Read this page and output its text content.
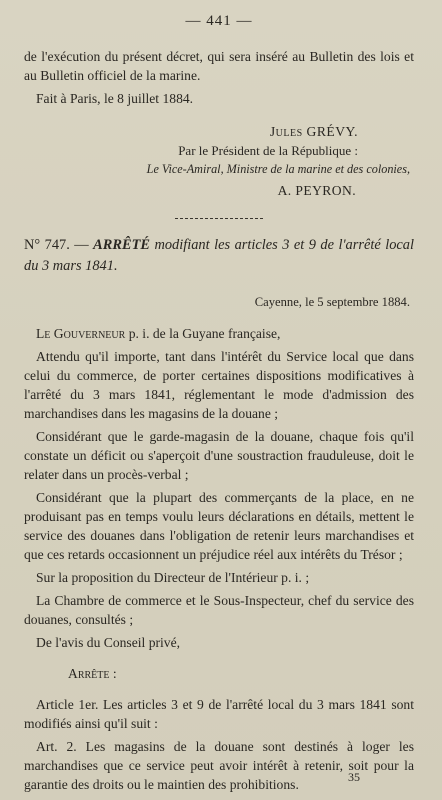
— 441 —

de l'exécution du présent décret, qui sera inséré au Bulletin des lois et au Bulletin officiel de la marine.

Fait à Paris, le 8 juillet 1884.

Jules GRÉVY.
Par le Président de la République :
Le Vice-Amiral, Ministre de la marine et des colonies,
A. PEYRON.

N° 747. — ARRÊTÉ modifiant les articles 3 et 9 de l'arrêté local du 3 mars 1841.

Cayenne, le 5 septembre 1884.

Le Gouverneur p. i. de la Guyane française,

Attendu qu'il importe, tant dans l'intérêt du Service local que dans celui du commerce, de porter certaines dispositions modificatives à l'arrêté du 3 mars 1841, réglementant le mode d'admission des marchandises dans les magasins de la douane ;

Considérant que le garde-magasin de la douane, chaque fois qu'il constate un déficit ou s'aperçoit d'une soustraction frauduleuse, doit le relater dans un procès-verbal ;

Considérant que la plupart des commerçants de la place, en ne produisant pas en temps voulu leurs déclarations en détails, mettent le service des douanes dans l'obligation de retenir leurs marchandises et que ces retards occasionnent un préjudice réel aux intérêts du Trésor ;

Sur la proposition du Directeur de l'Intérieur p. i. ;

La Chambre de commerce et le Sous-Inspecteur, chef du service des douanes, consultés ;

De l'avis du Conseil privé,

Arrête :

Article 1er. Les articles 3 et 9 de l'arrêté local du 3 mars 1841 sont modifiés ainsi qu'il suit :

Art. 2. Les magasins de la douane sont destinés à loger les marchandises que ce service peut avoir intérêt à retenir, soit pour la garantie des droits ou le maintien des prohibitions.	35
